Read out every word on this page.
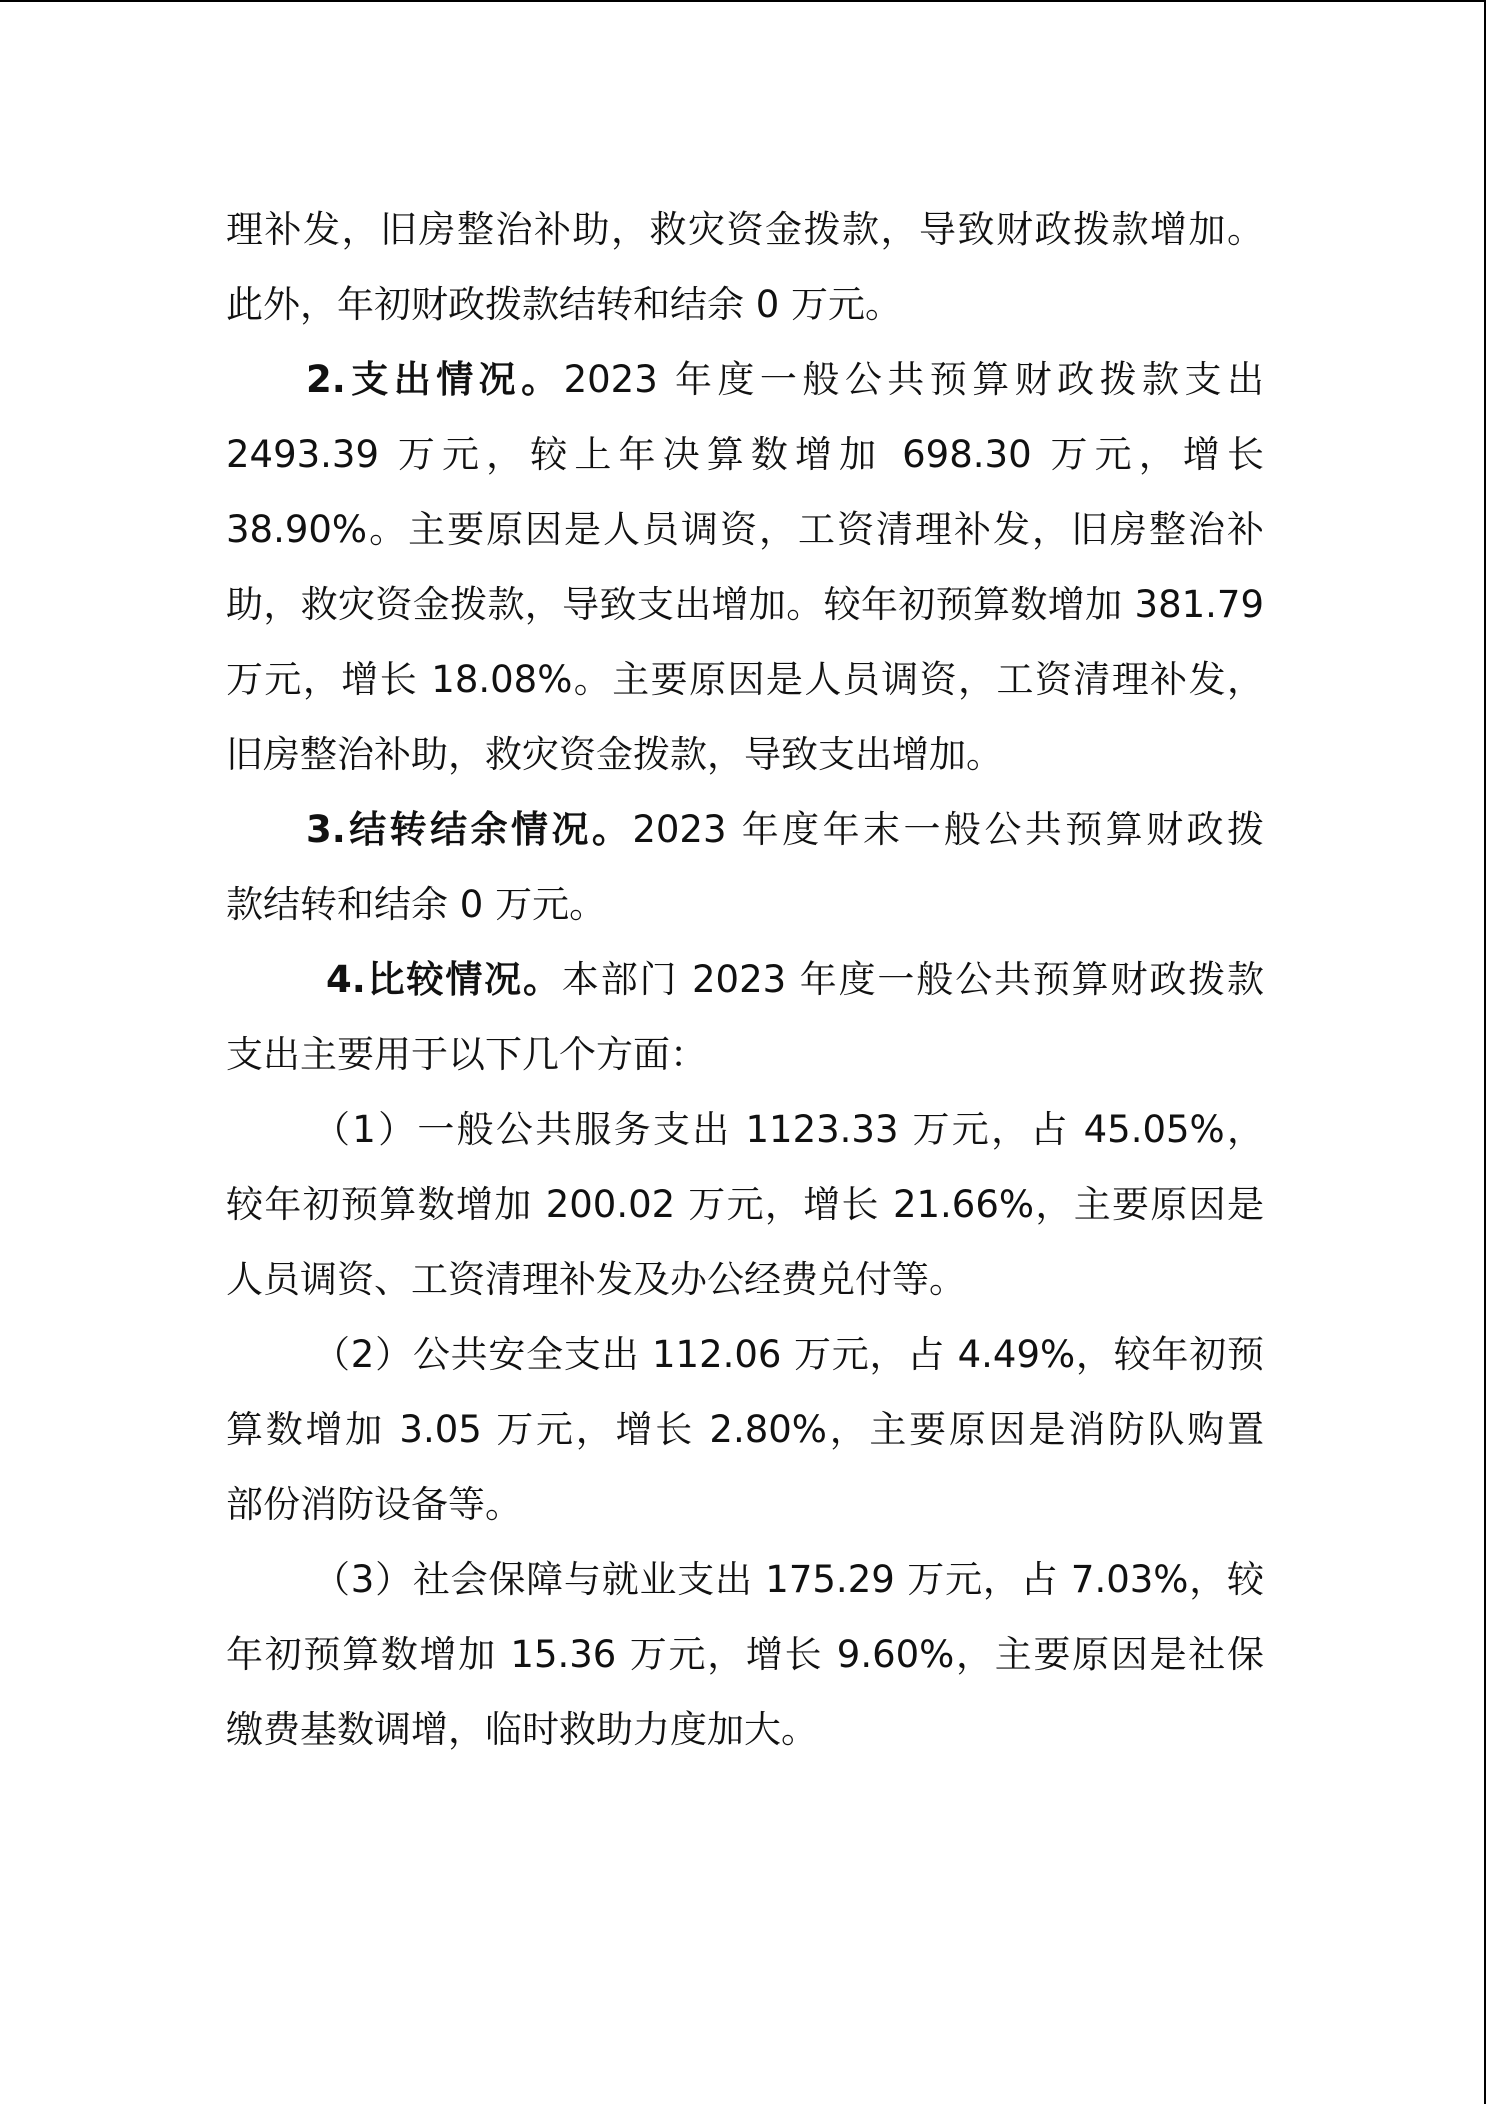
理补发，旧房整治补助，救灾资金拨款，导致财政拨款增加。
此外，年初财政拨款结转和结余 0 万元。
2.支出情况。2023 年度一般公共预算财政拨款支出
2493.39 万元，较上年决算数增加 698.30 万元，增长
38.90%。主要原因是人员调资，工资清理补发，旧房整治补
助，救灾资金拨款，导致支出增加。较年初预算数增加 381.79
万元，增长 18.08%。主要原因是人员调资，工资清理补发，
旧房整治补助，救灾资金拨款，导致支出增加。
3.结转结余情况。2023 年度年末一般公共预算财政拨
款结转和结余 0 万元。
4.比较情况。本部门 2023 年度一般公共预算财政拨款
支出主要用于以下几个方面：
（1）一般公共服务支出 1123.33 万元，占 45.05%，
较年初预算数增加 200.02 万元，增长 21.66%，主要原因是
人员调资、工资清理补发及办公经费兑付等。
（2）公共安全支出 112.06 万元，占 4.49%，较年初预
算数增加 3.05 万元，增长 2.80%，主要原因是消防队购置
部份消防设备等。
（3）社会保障与就业支出 175.29 万元，占 7.03%，较
年初预算数增加 15.36 万元，增长 9.60%，主要原因是社保
缴费基数调增，临时救助力度加大。
